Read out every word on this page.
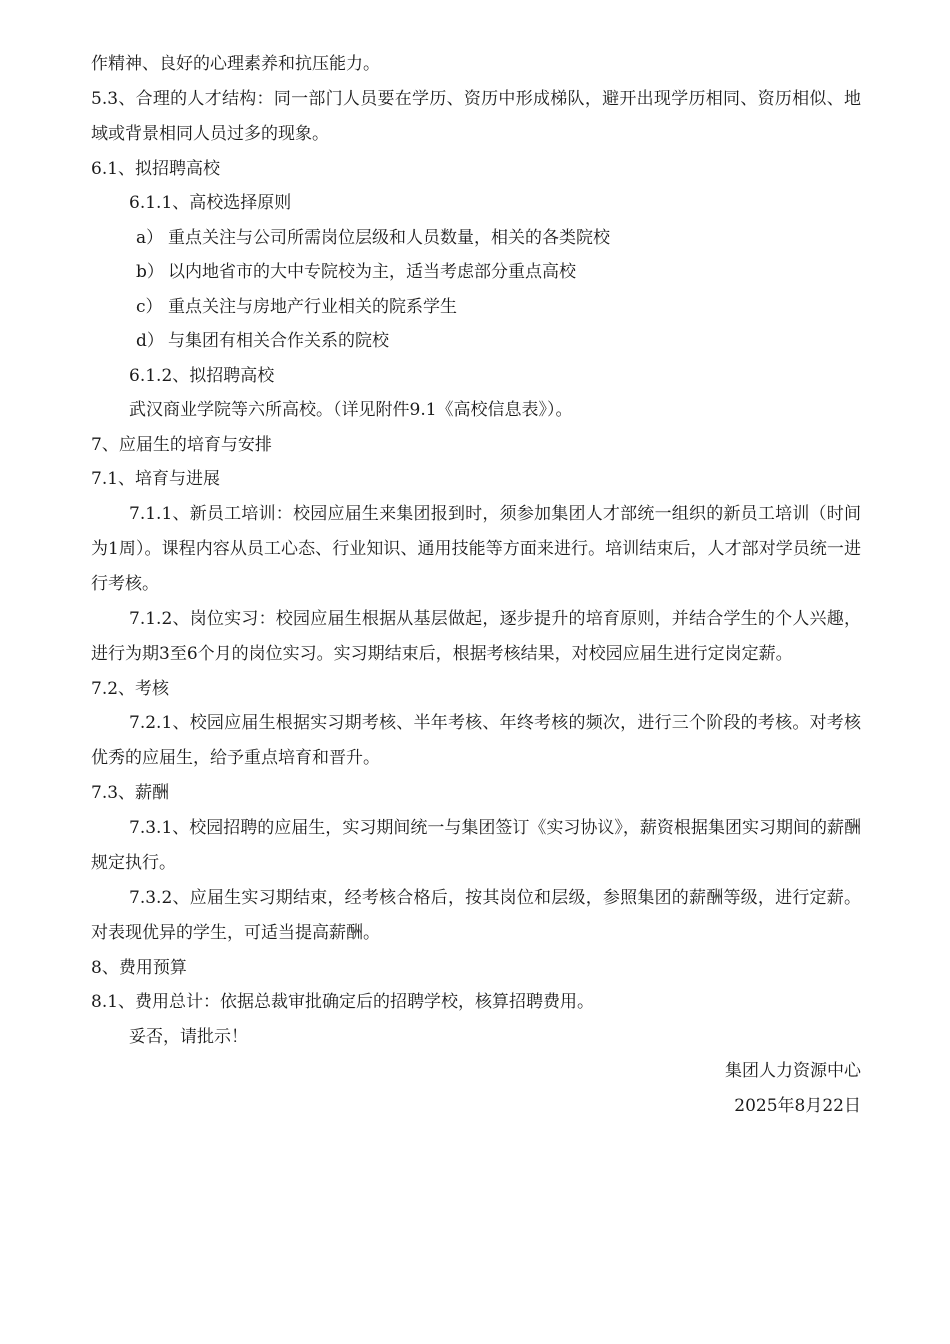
作精神、良好的心理素养和抗压能力。
5.3、合理的人才结构：同一部门人员要在学历、资历中形成梯队，避开出现学历相同、资历相似、地域或背景相同人员过多的现象。
6.1、拟招聘高校
6.1.1、高校选择原则
a） 重点关注与公司所需岗位层级和人员数量，相关的各类院校
b） 以内地省市的大中专院校为主，适当考虑部分重点高校
c） 重点关注与房地产行业相关的院系学生
d） 与集团有相关合作关系的院校
6.1.2、拟招聘高校
武汉商业学院等六所高校。（详见附件9.1《高校信息表》）。
7、应届生的培育与安排
7.1、培育与进展
7.1.1、新员工培训：校园应届生来集团报到时，须参加集团人才部统一组织的新员工培训（时间为1周）。课程内容从员工心态、行业知识、通用技能等方面来进行。培训结束后，人才部对学员统一进行考核。
7.1.2、岗位实习：校园应届生根据从基层做起，逐步提升的培育原则，并结合学生的个人兴趣，进行为期3至6个月的岗位实习。实习期结束后，根据考核结果，对校园应届生进行定岗定薪。
7.2、考核
7.2.1、校园应届生根据实习期考核、半年考核、年终考核的频次，进行三个阶段的考核。对考核优秀的应届生，给予重点培育和晋升。
7.3、薪酬
7.3.1、校园招聘的应届生，实习期间统一与集团签订《实习协议》，薪资根据集团实习期间的薪酬规定执行。
7.3.2、应届生实习期结束，经考核合格后，按其岗位和层级，参照集团的薪酬等级，进行定薪。对表现优异的学生，可适当提高薪酬。
8、费用预算
8.1、费用总计：依据总裁审批确定后的招聘学校，核算招聘费用。
妥否，请批示！
集团人力资源中心
2025年8月22日
